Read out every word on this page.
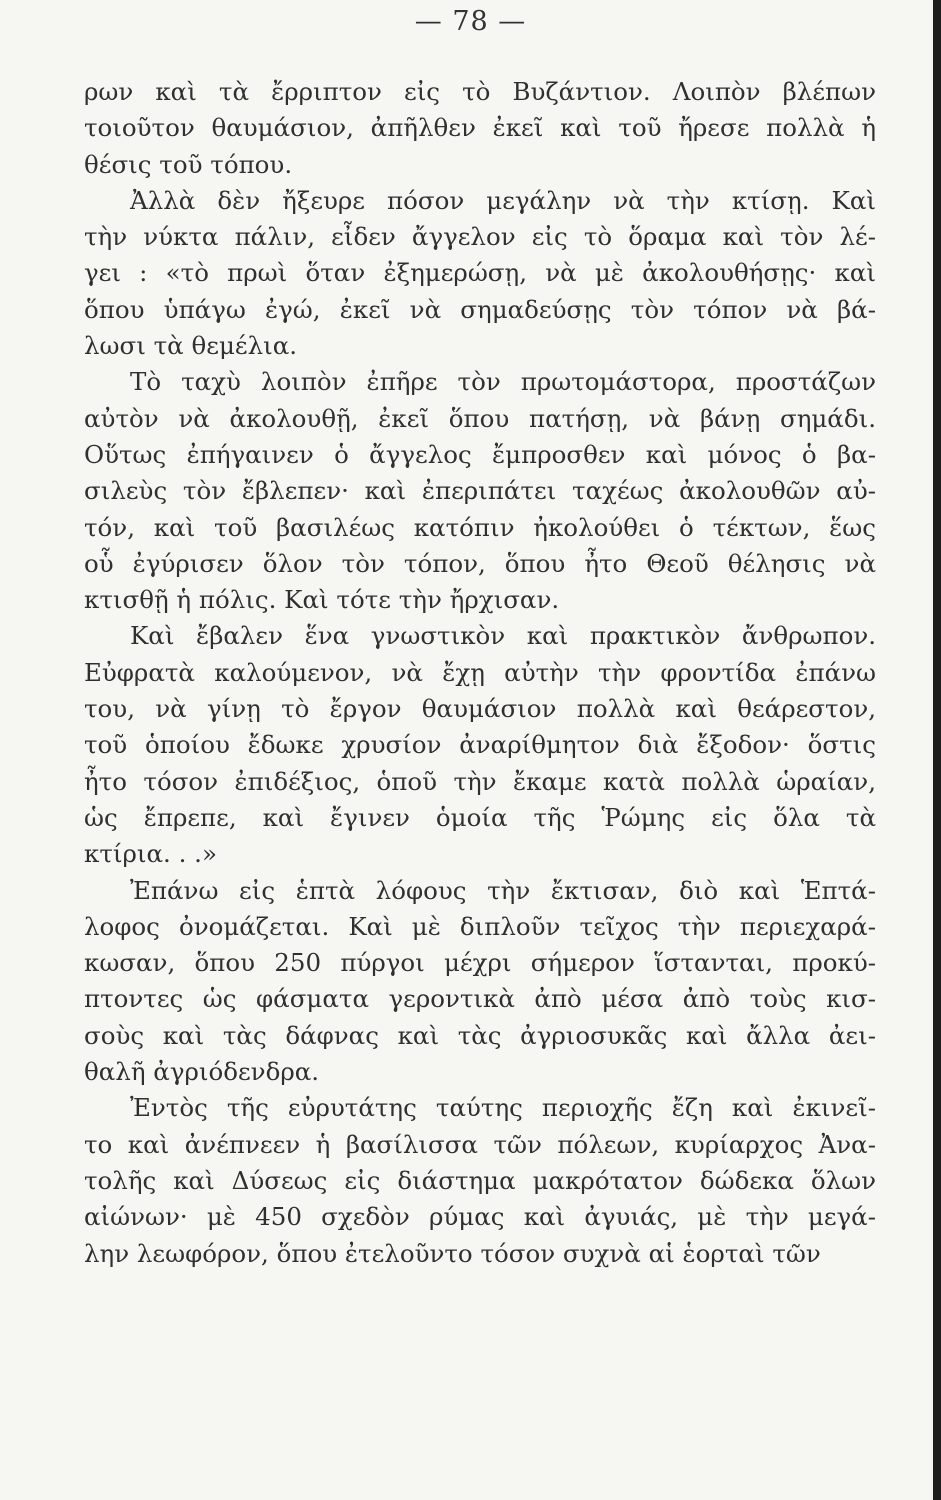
— 78 —

ρων καὶ τὰ ἔρριπτον εἰς τὸ Βυζάντιον. Λοιπὸν βλέπων
τοιοῦτον θαυμάσιον, ἀπῆλθεν ἐκεῖ καὶ τοῦ ἤρεσε πολλὰ ἡ
θέσις τοῦ τόπου.

Ἀλλὰ δὲν ἤξευρε πόσον μεγάλην νὰ τὴν κτίσῃ. Καὶ
τὴν νύκτα πάλιν, εἶδεν ἄγγελον εἰς τὸ ὅραμα καὶ τὸν λέ-
γει : «τὸ πρωὶ ὅταν ἐξημερώσῃ, νὰ μὲ ἀκολουθήσῃς· καὶ
ὅπου ὑπάγω ἐγώ, ἐκεῖ νὰ σημαδεύσῃς τὸν τόπον νὰ βά-
λωσι τὰ θεμέλια.

Τὸ ταχὺ λοιπὸν ἐπῆρε τὸν πρωτομάστορα, προστάζων
αὐτὸν νὰ ἀκολουθῇ, ἐκεῖ ὅπου πατήσῃ, νὰ βάνῃ σημάδι.
Οὕτως ἐπήγαινεν ὁ ἄγγελος ἔμπροσθεν καὶ μόνος ὁ βα-
σιλεὺς τὸν ἔβλεπεν· καὶ ἐπεριπάτει ταχέως ἀκολουθῶν αὐ-
τόν, καὶ τοῦ βασιλέως κατόπιν ἠκολούθει ὁ τέκτων, ἕως
οὗ ἐγύρισεν ὅλον τὸν τόπον, ὅπου ἦτο Θεοῦ θέλησις νὰ
κτισθῇ ἡ πόλις. Καὶ τότε τὴν ἤρχισαν.

Καὶ ἔβαλεν ἕνα γνωστικὸν καὶ πρακτικὸν ἄνθρωπον.
Εὐφρατὰ καλούμενον, νὰ ἔχῃ αὐτὴν τὴν φροντίδα ἐπάνω
του, νὰ γίνῃ τὸ ἔργον θαυμάσιον πολλὰ καὶ θεάρεστον,
τοῦ ὁποίου ἔδωκε χρυσίον ἀναρίθμητον διὰ ἔξοδον· ὅστις
ἦτο τόσον ἐπιδέξιος, ὁποῦ τὴν ἔκαμε κατὰ πολλὰ ὡραίαν,
ὡς ἔπρεπε, καὶ ἔγινεν ὁμοία τῆς Ῥώμης εἰς ὅλα τὰ
κτίρια. . .»

Ἐπάνω εἰς ἑπτὰ λόφους τὴν ἔκτισαν, διὸ καὶ Ἑπτά-
λοφος ὀνομάζεται. Καὶ μὲ διπλοῦν τεῖχος τὴν περιεχαρά-
κωσαν, ὅπου 250 πύργοι μέχρι σήμερον ἵστανται, προκύ-
πτοντες ὡς φάσματα γεροντικὰ ἀπὸ μέσα ἀπὸ τοὺς κισ-
σοὺς καὶ τὰς δάφνας καὶ τὰς ἀγριοσυκᾶς καὶ ἄλλα ἀει-
θαλῆ ἀγριόδενδρα.

Ἐντὸς τῆς εὐρυτάτης ταύτης περιοχῆς ἔζη καὶ ἐκινεῖ-
το καὶ ἀνέπνεεν ἡ βασίλισσα τῶν πόλεων, κυρίαρχος Ἀνα-
τολῆς καὶ Δύσεως εἰς διάστημα μακρότατον δώδεκα ὅλων
αἰώνων· μὲ 450 σχεδὸν ρύμας καὶ ἀγυιάς, μὲ τὴν μεγά-
λην λεωφόρον, ὅπου ἐτελοῦντο τόσον συχνὰ αἱ ἑορταὶ τῶν
